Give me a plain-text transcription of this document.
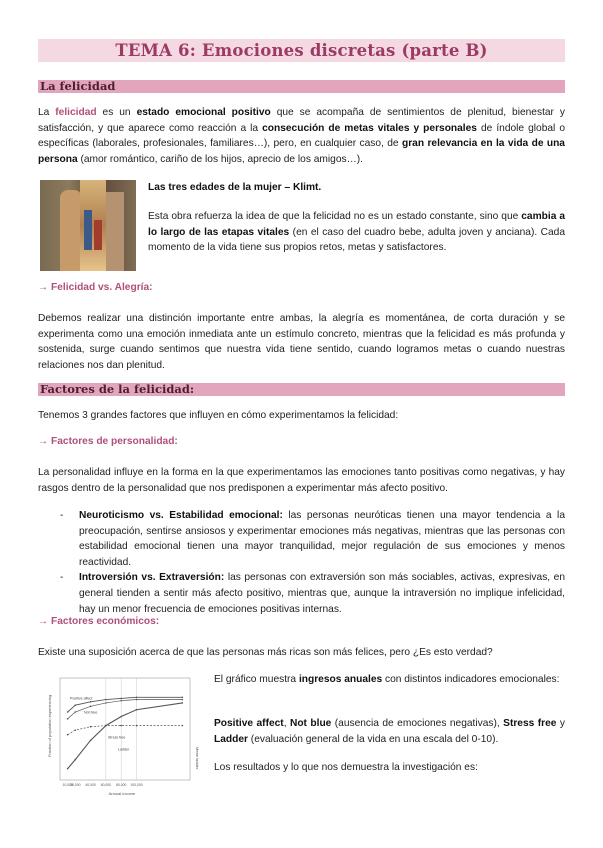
TEMA 6: Emociones discretas (parte B)
La felicidad

La felicidad es un estado emocional positivo que se acompaña de sentimientos de plenitud, bienestar y satisfacción, y que aparece como reacción a la consecución de metas vitales y personales de índole global o específicas (laborales, profesionales, familiares…), pero, en cualquier caso, de gran relevancia en la vida de una persona (amor romántico, cariño de los hijos, aprecio de los amigos…).

Las tres edades de la mujer – Klimt.

Esta obra refuerza la idea de que la felicidad no es un estado constante, sino que cambia a lo largo de las etapas vitales (en el caso del cuadro bebe, adulta joven y anciana). Cada momento de la vida tiene sus propios retos, metas y satisfactores.

→ Felicidad vs. Alegría:

Debemos realizar una distinción importante entre ambas, la alegría es momentánea, de corta duración y se experimenta como una emoción inmediata ante un estímulo concreto, mientras que la felicidad es más profunda y sostenida, surge cuando sentimos que nuestra vida tiene sentido, cuando logramos metas o cuando nuestras relaciones nos dan plenitud.

Factores de la felicidad:

Tenemos 3 grandes factores que influyen en cómo experimentamos la felicidad:

→ Factores de personalidad:

La personalidad influye en la forma en la que experimentamos las emociones tanto positivas como negativas, y hay rasgos dentro de la personalidad que nos predisponen a experimentar más afecto positivo.

- Neuroticismo vs. Estabilidad emocional: las personas neuróticas tienen una mayor tendencia a la preocupación, sentirse ansiosos y experimentar emociones más negativas, mientras que las personas con estabilidad emocional tienen una mayor tranquilidad, mejor regulación de sus emociones y menos reactividad.
- Introversión vs. Extraversión: las personas con extraversión son más sociables, activas, expresivas, en general tienden a sentir más afecto positivo, mientras que, aunque la intraversión no implique infelicidad, hay un menor frecuencia de emociones positivas internas.
→ Factores económicos:

Existe una suposición acerca de que las personas más ricas son más felices, pero ¿Es esto verdad?

Fraction of population experiencing
Mean ladder
Annual income
10,000
20,000 40,000 60,000 80,000 100,000
Positive affect
Not blue
Ladder
Stress free

El gráfico muestra ingresos anuales con distintos indicadores emocionales:

Positive affect, Not blue (ausencia de emociones negativas), Stress free y Ladder (evaluación general de la vida en una escala del 0-10).

Los resultados y lo que nos demuestra la investigación es:
